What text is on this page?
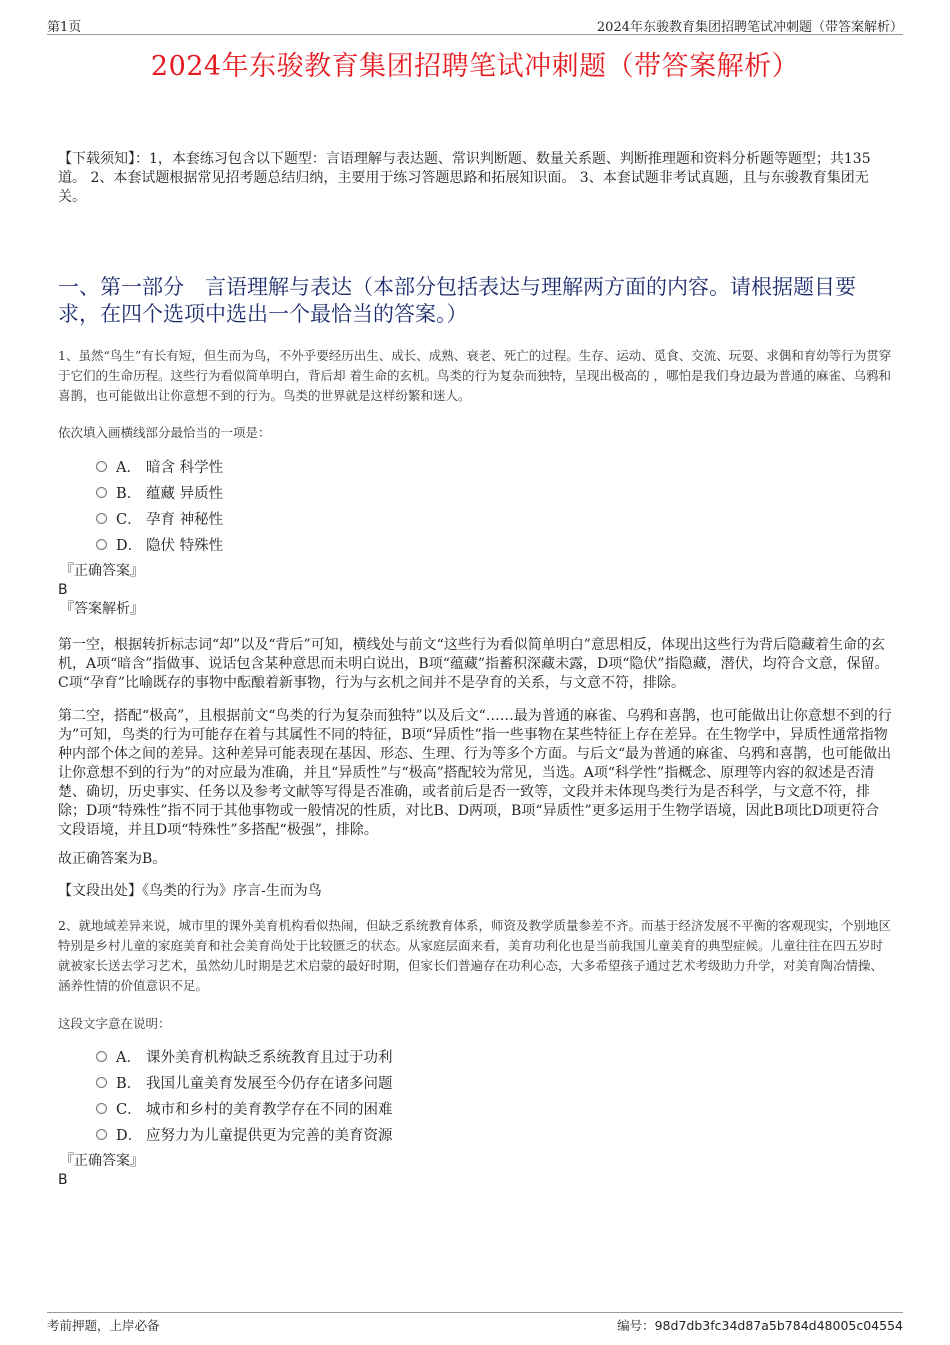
第1页	2024年东骏教育集团招聘笔试冲刺题（带答案解析）
2024年东骏教育集团招聘笔试冲刺题（带答案解析）
【下载须知】：1，本套练习包含以下题型：言语理解与表达题、常识判断题、数量关系题、判断推理题和资料分析题等题型；共135道。 2、本套试题根据常见招考题总结归纳，主要用于练习答题思路和拓展知识面。 3、本套试题非考试真题，且与东骏教育集团无关。
一、第一部分　言语理解与表达（本部分包括表达与理解两方面的内容。请根据题目要求，在四个选项中选出一个最恰当的答案。）
1、虽然“鸟生”有长有短，但生而为鸟，不外乎要经历出生、成长、成熟、衰老、死亡的过程。生存、运动、觅食、交流、玩耍、求偶和育幼等行为贯穿于它们的生命历程。这些行为看似简单明白，背后却 着生命的玄机。鸟类的行为复杂而独特，呈现出极高的 ，哪怕是我们身边最为普通的麻雀、乌鸦和喜鹊，也可能做出让你意想不到的行为。鸟类的世界就是这样纷繁和迷人。
依次填入画横线部分最恰当的一项是：
A． 暗含 科学性
B． 蕴藏 异质性
C． 孕育 神秘性
D． 隐伏 特殊性
『正确答案』
B
『答案解析』
第一空，根据转折标志词“却”以及“背后”可知，横线处与前文“这些行为看似简单明白”意思相反，体现出这些行为背后隐藏着生命的玄机，A项“暗含”指做事、说话包含某种意思而未明白说出，B项“蕴藏”指蓄积深藏未露，D项“隐伏”指隐藏，潜伏，均符合文意，保留。C项“孕育”比喻既存的事物中酝酿着新事物，行为与玄机之间并不是孕育的关系，与文意不符，排除。
第二空，搭配“极高”，且根据前文“鸟类的行为复杂而独特”以及后文“……最为普通的麻雀、乌鸦和喜鹊，也可能做出让你意想不到的行为”可知，鸟类的行为可能存在着与其属性不同的特征，B项“异质性”指一些事物在某些特征上存在差异。在生物学中，异质性通常指物种内部个体之间的差异。这种差异可能表现在基因、形态、生理、行为等多个方面。与后文“最为普通的麻雀、乌鸦和喜鹊，也可能做出让你意想不到的行为”的对应最为准确，并且“异质性”与“极高”搭配较为常见，当选。A项“科学性”指概念、原理等内容的叙述是否清楚、确切，历史事实、任务以及参考文献等写得是否准确，或者前后是否一致等，文段并未体现鸟类行为是否科学，与文意不符，排除；D项“特殊性”指不同于其他事物或一般情况的性质，对比B、D两项，B项“异质性”更多运用于生物学语境，因此B项比D项更符合文段语境，并且D项“特殊性”多搭配“极强”，排除。
故正确答案为B。
【文段出处】《鸟类的行为》序言-生而为鸟
2、就地域差异来说，城市里的课外美育机构看似热闹，但缺乏系统教育体系，师资及教学质量参差不齐。而基于经济发展不平衡的客观现实，个别地区特别是乡村儿童的家庭美育和社会美育尚处于比较匮乏的状态。从家庭层面来看，美育功利化也是当前我国儿童美育的典型症候。儿童往往在四五岁时就被家长送去学习艺术，虽然幼儿时期是艺术启蒙的最好时期，但家长们普遍存在功利心态，大多希望孩子通过艺术考级助力升学，对美育陶冶情操、涵养性情的价值意识不足。
这段文字意在说明：
A． 课外美育机构缺乏系统教育且过于功利
B． 我国儿童美育发展至今仍存在诸多问题
C． 城市和乡村的美育教学存在不同的困难
D． 应努力为儿童提供更为完善的美育资源
『正确答案』
B
考前押题，上岸必备	编号：98d7db3fc34d87a5b784d48005c04554
